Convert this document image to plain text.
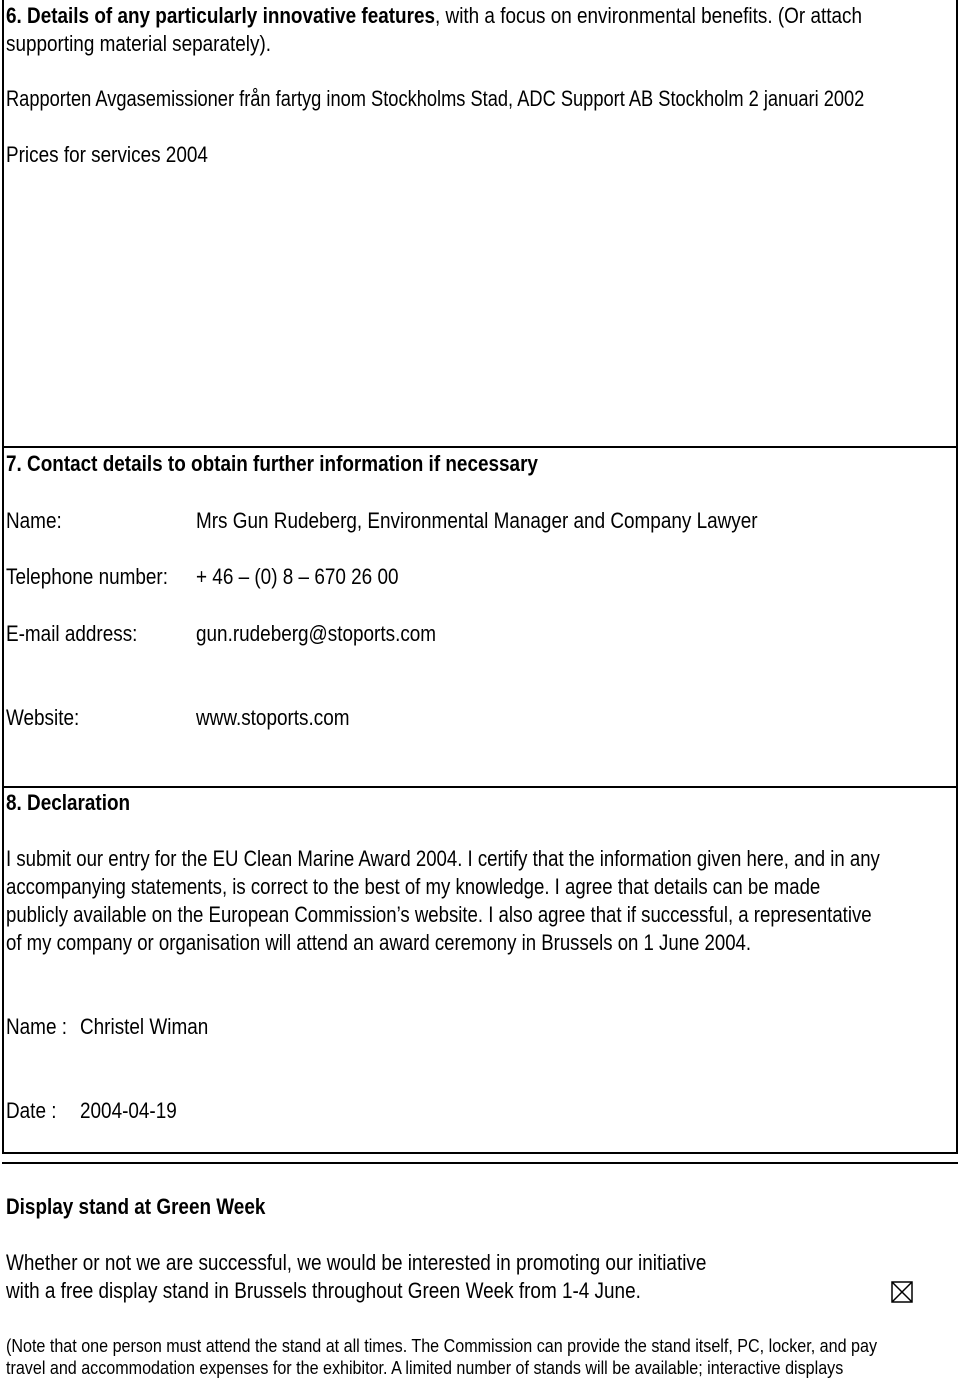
6. Details of any particularly innovative features, with a focus on environmental benefits. (Or attach
supporting material separately).
Rapporten Avgasemissioner från fartyg inom Stockholms Stad, ADC Support AB Stockholm 2 januari 2002
Prices for services 2004
7. Contact details to obtain further information if necessary
Name:	Mrs Gun Rudeberg, Environmental Manager and Company Lawyer
Telephone number: + 46 – (0) 8 – 670 26 00
E-mail address:	gun.rudeberg@stoports.com
Website:	www.stoports.com
8. Declaration
I submit our entry for the EU Clean Marine Award 2004. I certify that the information given here, and in any
accompanying statements, is correct to the best of my knowledge. I agree that details can be made
publicly available on the European Commission’s website. I also agree that if successful, a representative
of my company or organisation will attend an award ceremony in Brussels on 1 June 2004.
Name : Christel Wiman
Date : 2004-04-19
Display stand at Green Week
Whether or not we are successful, we would be interested in promoting our initiative
with a free display stand in Brussels throughout Green Week from 1-4 June.
(Note that one person must attend the stand at all times. The Commission can provide the stand itself, PC, locker, and pay
travel and accommodation expenses for the exhibitor. A limited number of stands will be available; interactive displays
